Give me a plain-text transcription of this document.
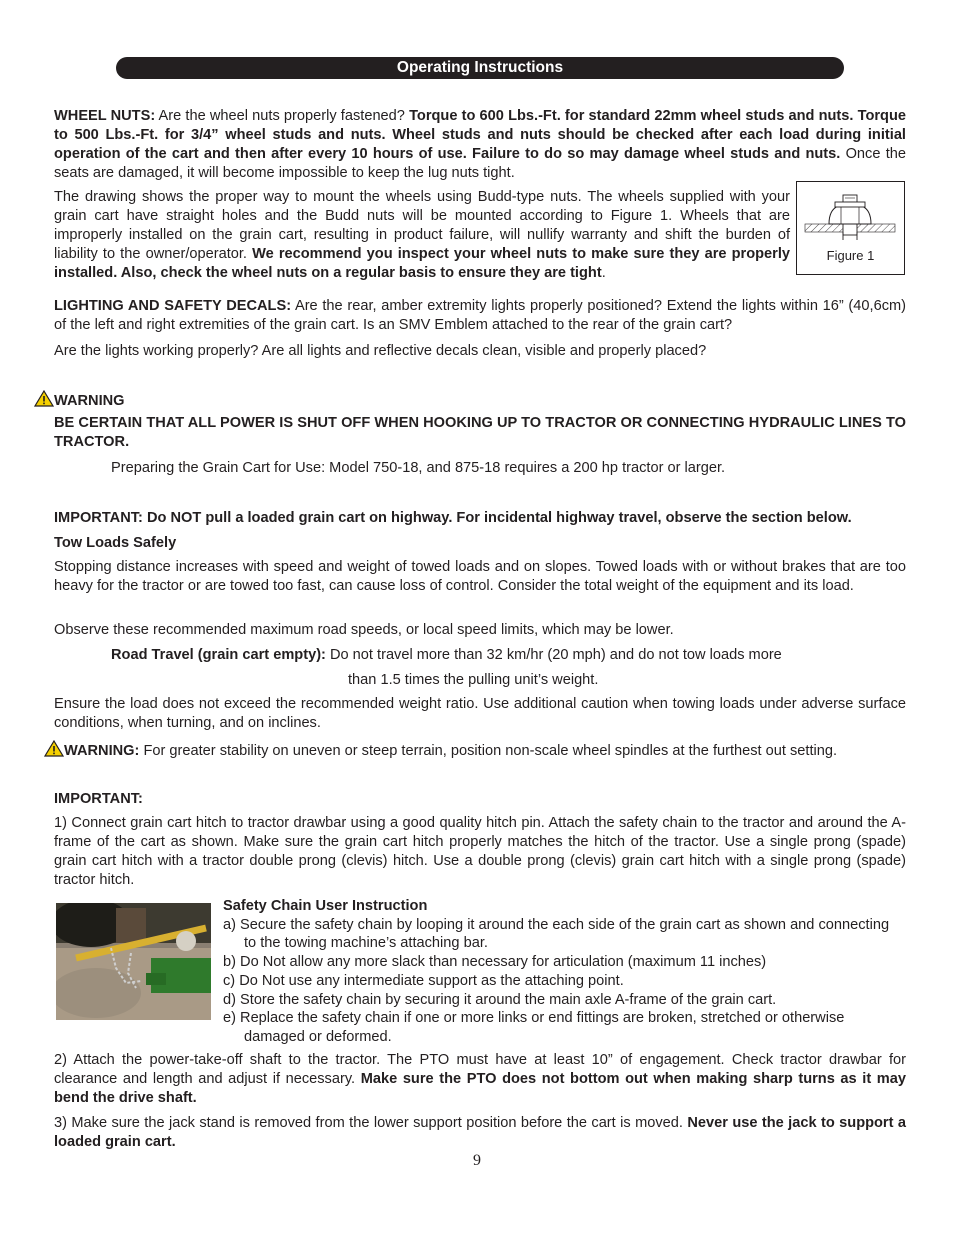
Operating Instructions
WHEEL NUTS: Are the wheel nuts properly fastened? Torque to 600 Lbs.-Ft. for standard 22mm wheel studs and nuts. Torque to 500 Lbs.-Ft. for 3/4” wheel studs and nuts. Wheel studs and nuts should be checked after each load during initial operation of the cart and then after every 10 hours of use. Failure to do so may damage wheel studs and nuts. Once the seats are damaged, it will become impossible to keep the lug nuts tight.
The drawing shows the proper way to mount the wheels using Budd-type nuts. The wheels supplied with your grain cart have straight holes and the Budd nuts will be mounted according to Figure 1. Wheels that are improperly installed on the grain cart, resulting in product failure, will nullify warranty and shift the burden of liability to the owner/operator. We recommend you inspect your wheel nuts to make sure they are properly installed. Also, check the wheel nuts on a regular basis to ensure they are tight.
Figure 1
LIGHTING AND SAFETY DECALS: Are the rear, amber extremity lights properly positioned? Extend the lights within 16” (40,6cm) of the left and right extremities of the grain cart. Is an SMV Emblem attached to the rear of the grain cart?
Are the lights working properly? Are all lights and reflective decals clean, visible and properly placed?
WARNING
BE CERTAIN THAT ALL POWER IS SHUT OFF WHEN HOOKING UP TO TRACTOR OR CONNECTING HYDRAULIC LINES TO TRACTOR.
Preparing the Grain Cart for Use: Model 750-18, and 875-18 requires a 200 hp tractor or larger.
IMPORTANT: Do NOT pull a loaded grain cart on highway. For incidental highway travel, observe the section below.
Tow Loads Safely
Stopping distance increases with speed and weight of towed loads and on slopes. Towed loads with or without brakes that are too heavy for the tractor or are towed too fast, can cause loss of control. Consider the total weight of the equipment and its load.
Observe these recommended maximum road speeds, or local speed limits, which may be lower.
Road Travel (grain cart empty): Do not travel more than 32 km/hr (20 mph) and do not tow loads more
than 1.5 times the pulling unit’s weight.
Ensure the load does not exceed the recommended weight ratio. Use additional caution when towing loads under adverse surface conditions, when turning, and on inclines.
WARNING: For greater stability on uneven or steep terrain, position non-scale wheel spindles at the furthest out setting.
IMPORTANT:
1) Connect grain cart hitch to tractor drawbar using a good quality hitch pin. Attach the safety chain to the tractor and around the A-frame of the cart as shown. Make sure the grain cart hitch properly matches the hitch of the tractor. Use a single prong (spade) grain cart hitch with a tractor double prong (clevis) hitch. Use a double prong (clevis) grain cart hitch with a single prong (spade) tractor hitch.
Safety Chain User Instruction
a) Secure the safety chain by looping it around the each side of the grain cart as shown and connecting to the towing machine’s attaching bar.
b) Do Not allow any more slack than necessary for articulation (maximum 11 inches)
c) Do Not use any intermediate support as the attaching point.
d) Store the safety chain by securing it around the main axle A-frame of the grain cart.
e) Replace the safety chain if one or more links or end fittings are broken, stretched or otherwise damaged or deformed.
2) Attach the power-take-off shaft to the tractor. The PTO must have at least 10” of engagement. Check tractor drawbar for clearance and length and adjust if necessary. Make sure the PTO does not bottom out when making sharp turns as it may bend the drive shaft.
3) Make sure the jack stand is removed from the lower support position before the cart is moved. Never use the jack to support a loaded grain cart.
9
